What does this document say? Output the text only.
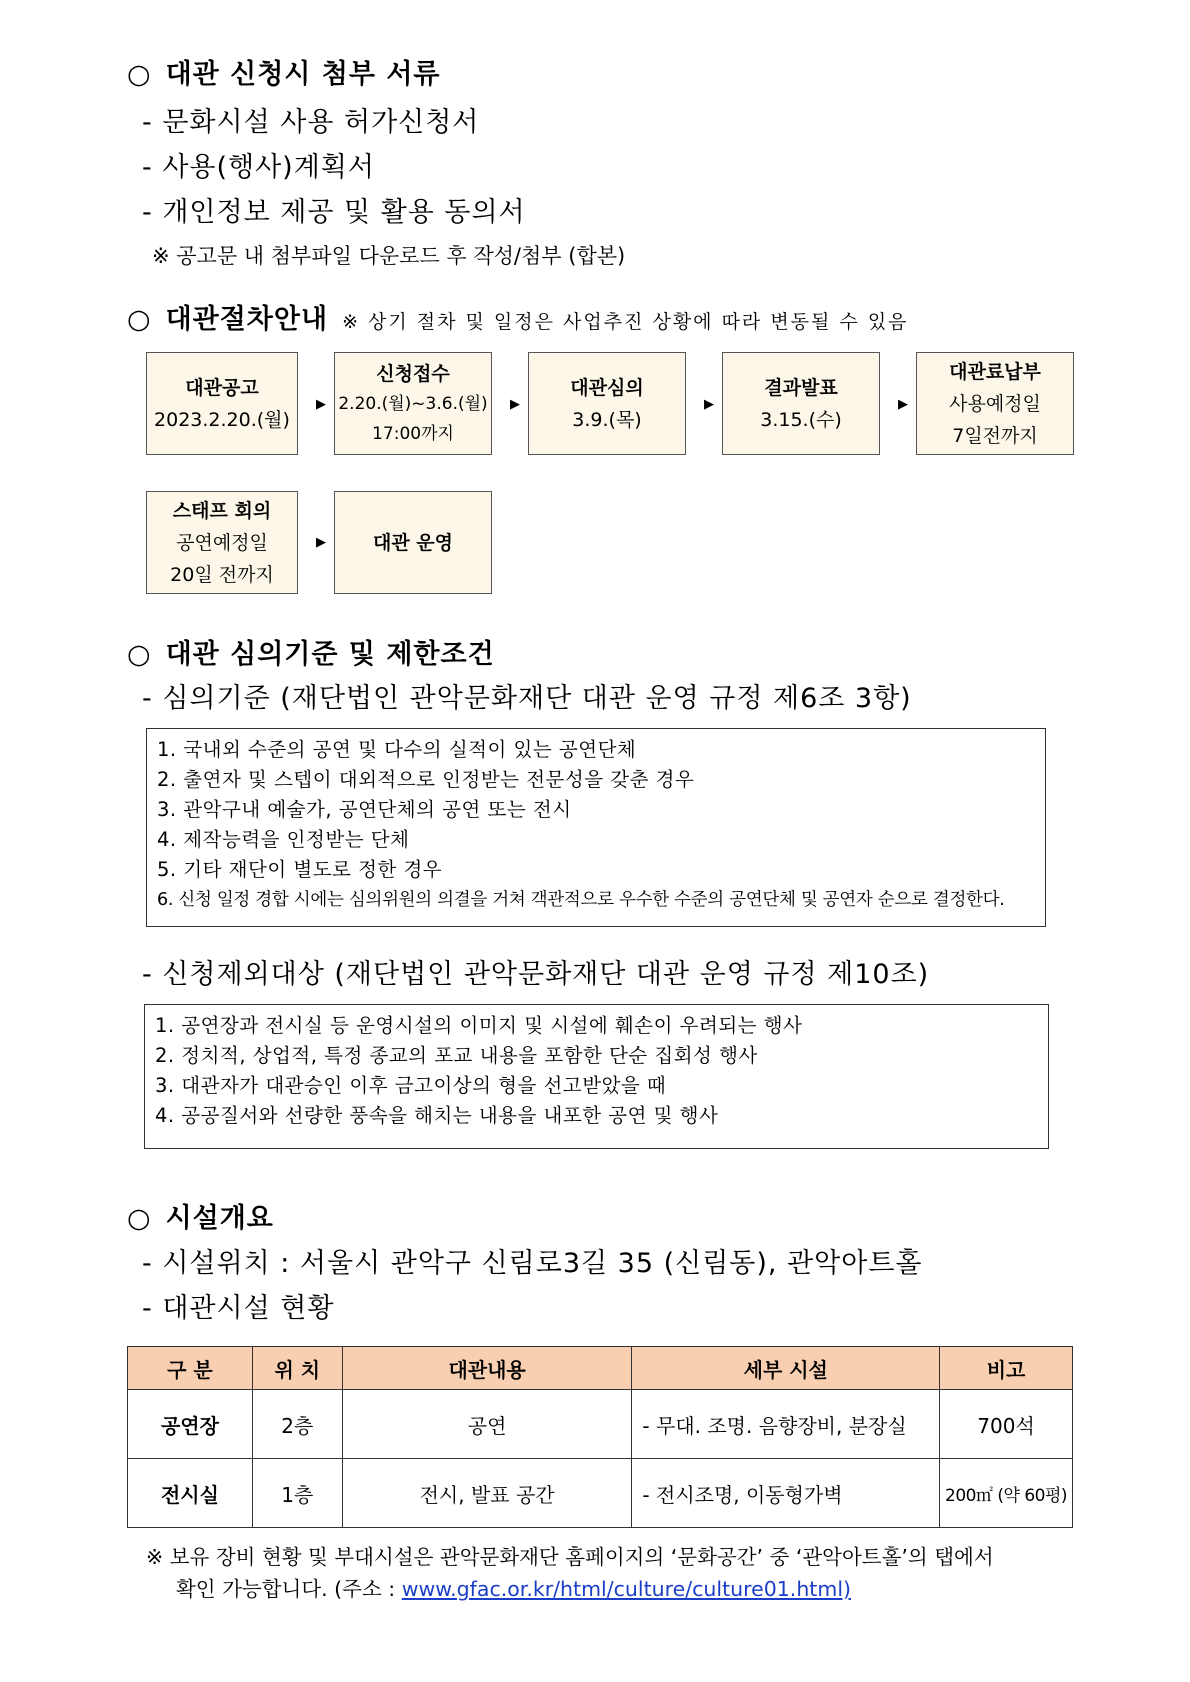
○ 대관 신청시 첨부 서류
- 문화시설 사용 허가신청서
- 사용(행사)계획서
- 개인정보 제공 및 활용 동의서
※ 공고문 내 첨부파일 다운로드 후 작성/첨부 (합본)
○ 대관절차안내 ※ 상기 절차 및 일정은 사업추진 상황에 따라 변동될 수 있음
대관공고
2023.2.20.(월)
▶
신청접수
2.20.(월)~3.6.(월)
17:00까지
▶
대관심의
3.9.(목)
▶
결과발표
3.15.(수)
▶
대관료납부
사용예정일
7일전까지
스태프 회의
공연예정일
20일 전까지
▶ 대관 운영
○ 대관 심의기준 및 제한조건
- 심의기준 (재단법인 관악문화재단 대관 운영 규정 제6조 3항)

1. 국내외 수준의 공연 및 다수의 실적이 있는 공연단체

2. 출연자 및 스텝이 대외적으로 인정받는 전문성을 갖춘 경우

3. 관악구내 예술가, 공연단체의 공연 또는 전시

4. 제작능력을 인정받는 단체

5. 기타 재단이 별도로 정한 경우

6. 신청 일정 경합 시에는 심의위원의 의결을 거쳐 객관적으로 우수한 수준의 공연단체 및 공연자 순으로 결정한다.

- 신청제외대상 (재단법인 관악문화재단 대관 운영 규정 제10조)

1. 공연장과 전시실 등 운영시설의 이미지 및 시설에 훼손이 우려되는 행사

2. 정치적, 상업적, 특정 종교의 포교 내용을 포함한 단순 집회성 행사

3. 대관자가 대관승인 이후 금고이상의 형을 선고받았을 때

4. 공공질서와 선량한 풍속을 해치는 내용을 내포한 공연 및 행사

○ 시설개요
- 시설위치 : 서울시 관악구 신림로3길 35 (신림동), 관악아트홀
- 대관시설 현황
구 분	위 치	대관내용	세부 시설	비고
공연장	2층	공연	- 무대. 조명. 음향장비, 분장실	700석
전시실	1층	전시, 발표 공간	- 전시조명, 이동형가벽	200㎡ (약 60평)
※ 보유 장비 현황 및 부대시설은 관악문화재단 홈페이지의 ‘문화공간’ 중 ‘관악아트홀’의 탭에서
확인 가능합니다. (주소 : www.gfac.or.kr/html/culture/culture01.html)
